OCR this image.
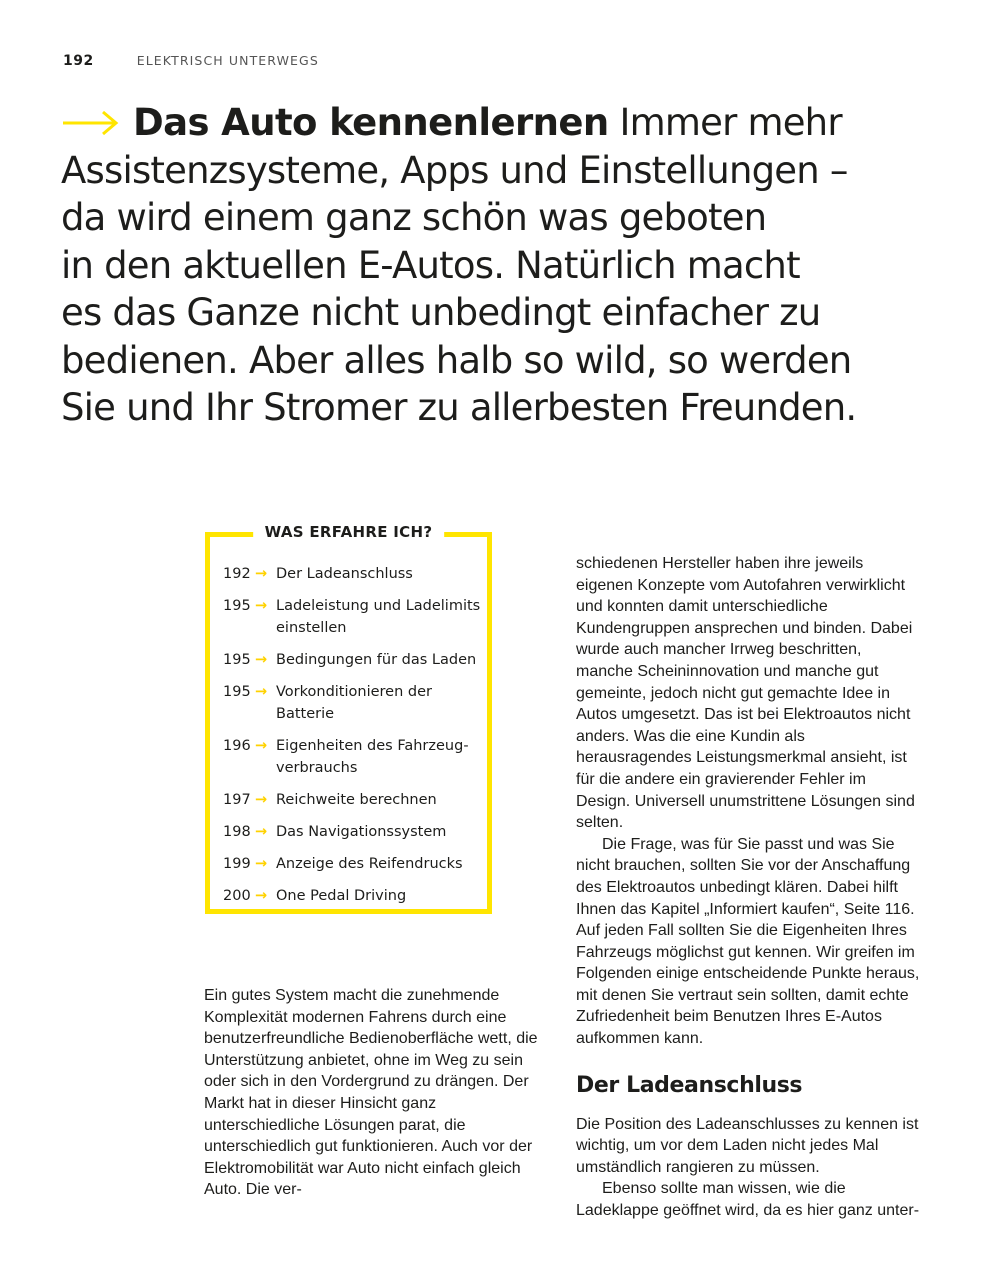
192	ELEKTRISCH UNTERWEGS
Das Auto kennenlernen Immer mehr
Assistenzsysteme, Apps und Einstellungen –
da wird einem ganz schön was geboten
in den aktuellen E-Autos. Natürlich macht
es das Ganze nicht unbedingt einfacher zu
bedienen. Aber alles halb so wild, so werden
Sie und Ihr Stromer zu allerbesten Freunden.
WAS ERFAHRE ICH?
192 → Der Ladeanschluss
195 → Ladeleistung und Ladelimits einstellen
195 → Bedingungen für das Laden
195 → Vorkonditionieren der Batterie
196 → Eigenheiten des Fahrzeugverbrauchs
197 → Reichweite berechnen
198 → Das Navigationssystem
199 → Anzeige des Reifendrucks
200 → One Pedal Driving

Ein gutes System macht die zunehmende Komplexität modernen Fahrens durch eine benutzerfreundliche Bedienoberfläche wett, die Unterstützung anbietet, ohne im Weg zu sein oder sich in den Vordergrund zu drängen. Der Markt hat in dieser Hinsicht ganz unterschiedliche Lösungen parat, die unterschiedlich gut funktionieren. Auch vor der Elektromobilität war Auto nicht einfach gleich Auto. Die ver-

schiedenen Hersteller haben ihre jeweils eigenen Konzepte vom Autofahren verwirklicht und konnten damit unterschiedliche Kundengruppen ansprechen und binden. Dabei wurde auch mancher Irrweg beschritten, manche Scheininnovation und manche gut gemeinte, jedoch nicht gut gemachte Idee in Autos umgesetzt. Das ist bei Elektroautos nicht anders. Was die eine Kundin als herausragendes Leistungsmerkmal ansieht, ist für die andere ein gravierender Fehler im Design. Universell unumstrittene Lösungen sind selten.

Die Frage, was für Sie passt und was Sie nicht brauchen, sollten Sie vor der Anschaffung des Elektroautos unbedingt klären. Dabei hilft Ihnen das Kapitel „Informiert kaufen“, Seite 116. Auf jeden Fall sollten Sie die Eigenheiten Ihres Fahrzeugs möglichst gut kennen. Wir greifen im Folgenden einige entscheidende Punkte heraus, mit denen Sie vertraut sein sollten, damit echte Zufriedenheit beim Benutzen Ihres E-Autos aufkommen kann.

Der Ladeanschluss

Die Position des Ladeanschlusses zu kennen ist wichtig, um vor dem Laden nicht jedes Mal umständlich rangieren zu müssen.

Ebenso sollte man wissen, wie die Ladeklappe geöffnet wird, da es hier ganz unter-
